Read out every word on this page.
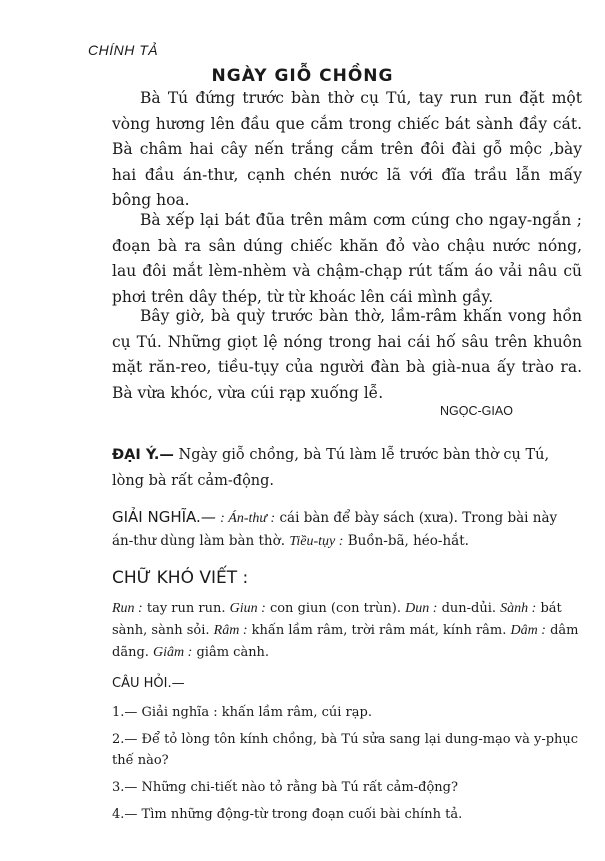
CHÍNH TẢ
NGÀY GIỖ CHỒNG

Bà Tú đứng trước bàn thờ cụ Tú, tay run run đặt một vòng hương lên đầu que cắm trong chiếc bát sành đầy cát. Bà châm hai cây nến trắng cắm trên đôi đài gỗ mộc ,bày hai đầu án-thư, cạnh chén nước lã với đĩa trầu lẫn mấy bông hoa.

Bà xếp lại bát đũa trên mâm cơm cúng cho ngay-ngắn ; đoạn bà ra sân dúng chiếc khăn đỏ vào chậu nước nóng, lau đôi mắt lèm-nhèm và chậm-chạp rút tấm áo vải nâu cũ phơi trên dây thép, từ từ khoác lên cái mình gầy.

Bây giờ, bà quỳ trước bàn thờ, lầm-râm khấn vong hồn cụ Tú. Những giọt lệ nóng trong hai cái hố sâu trên khuôn mặt răn-reo, tiều-tụy của người đàn bà già-nua ấy trào ra. Bà vừa khóc, vừa cúi rạp xuống lễ.

NGỌC-GIAO

ĐẠI Ý.— Ngày giỗ chồng, bà Tú làm lễ trước bàn thờ cụ Tú, lòng bà rất cảm-động.

GIẢI NGHĨA.— : Án-thư : cái bàn để bày sách (xưa). Trong bài này án-thư dùng làm bàn thờ. Tiều-tụy : Buồn-bã, héo-hắt.

CHỮ KHÓ VIẾT :

Run : tay run run. Giun : con giun (con trùn). Dun : dun-dủi. Sành : bát sành, sành sỏi. Râm : khấn lầm râm, trời râm mát, kính râm. Dâm : dâm dãng. Giâm : giâm cành.

CÂU HỎI.—
1.— Giải nghĩa : khấn lầm râm, cúi rạp.
2.— Để tỏ lòng tôn kính chồng, bà Tú sửa sang lại dung-mạo và y-phục thế nào?
3.— Những chi-tiết nào tỏ rằng bà Tú rất cảm-động?
4.— Tìm những động-từ trong đoạn cuối bài chính tả.
